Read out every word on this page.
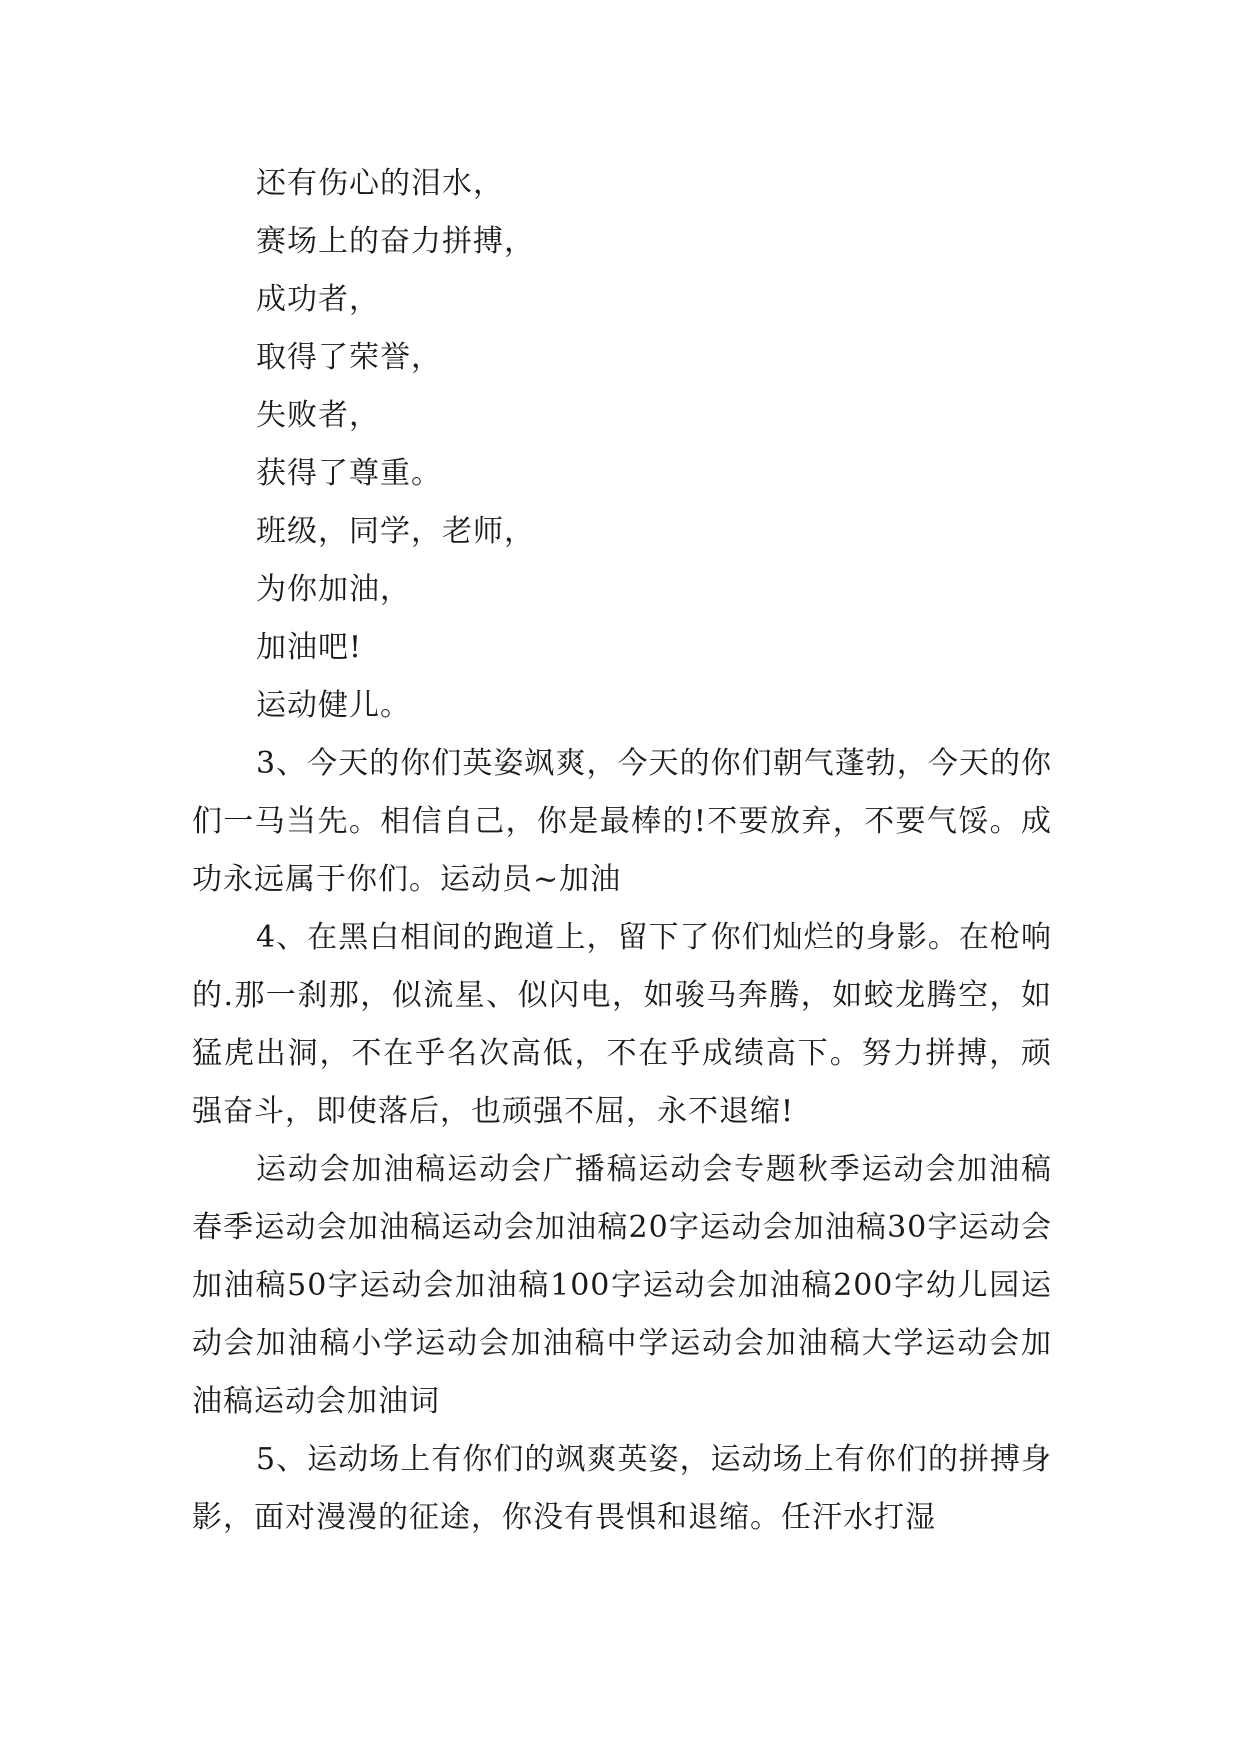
还有伤心的泪水，

赛场上的奋力拼搏，

成功者，

取得了荣誉，

失败者，

获得了尊重。

班级，同学，老师，

为你加油，

加油吧!

运动健儿。

3、今天的你们英姿飒爽，今天的你们朝气蓬勃，今天的你们一马当先。相信自己，你是最棒的!不要放弃，不要气馁。成功永远属于你们。运动员~加油

4、在黑白相间的跑道上，留下了你们灿烂的身影。在枪响的.那一刹那，似流星、似闪电，如骏马奔腾，如蛟龙腾空，如猛虎出洞，不在乎名次高低，不在乎成绩高下。努力拼搏，顽强奋斗，即使落后，也顽强不屈，永不退缩!

运动会加油稿运动会广播稿运动会专题秋季运动会加油稿春季运动会加油稿运动会加油稿20字运动会加油稿30字运动会加油稿50字运动会加油稿100字运动会加油稿200字幼儿园运动会加油稿小学运动会加油稿中学运动会加油稿大学运动会加油稿运动会加油词

5、运动场上有你们的飒爽英姿，运动场上有你们的拼搏身影，面对漫漫的征途，你没有畏惧和退缩。任汗水打湿
